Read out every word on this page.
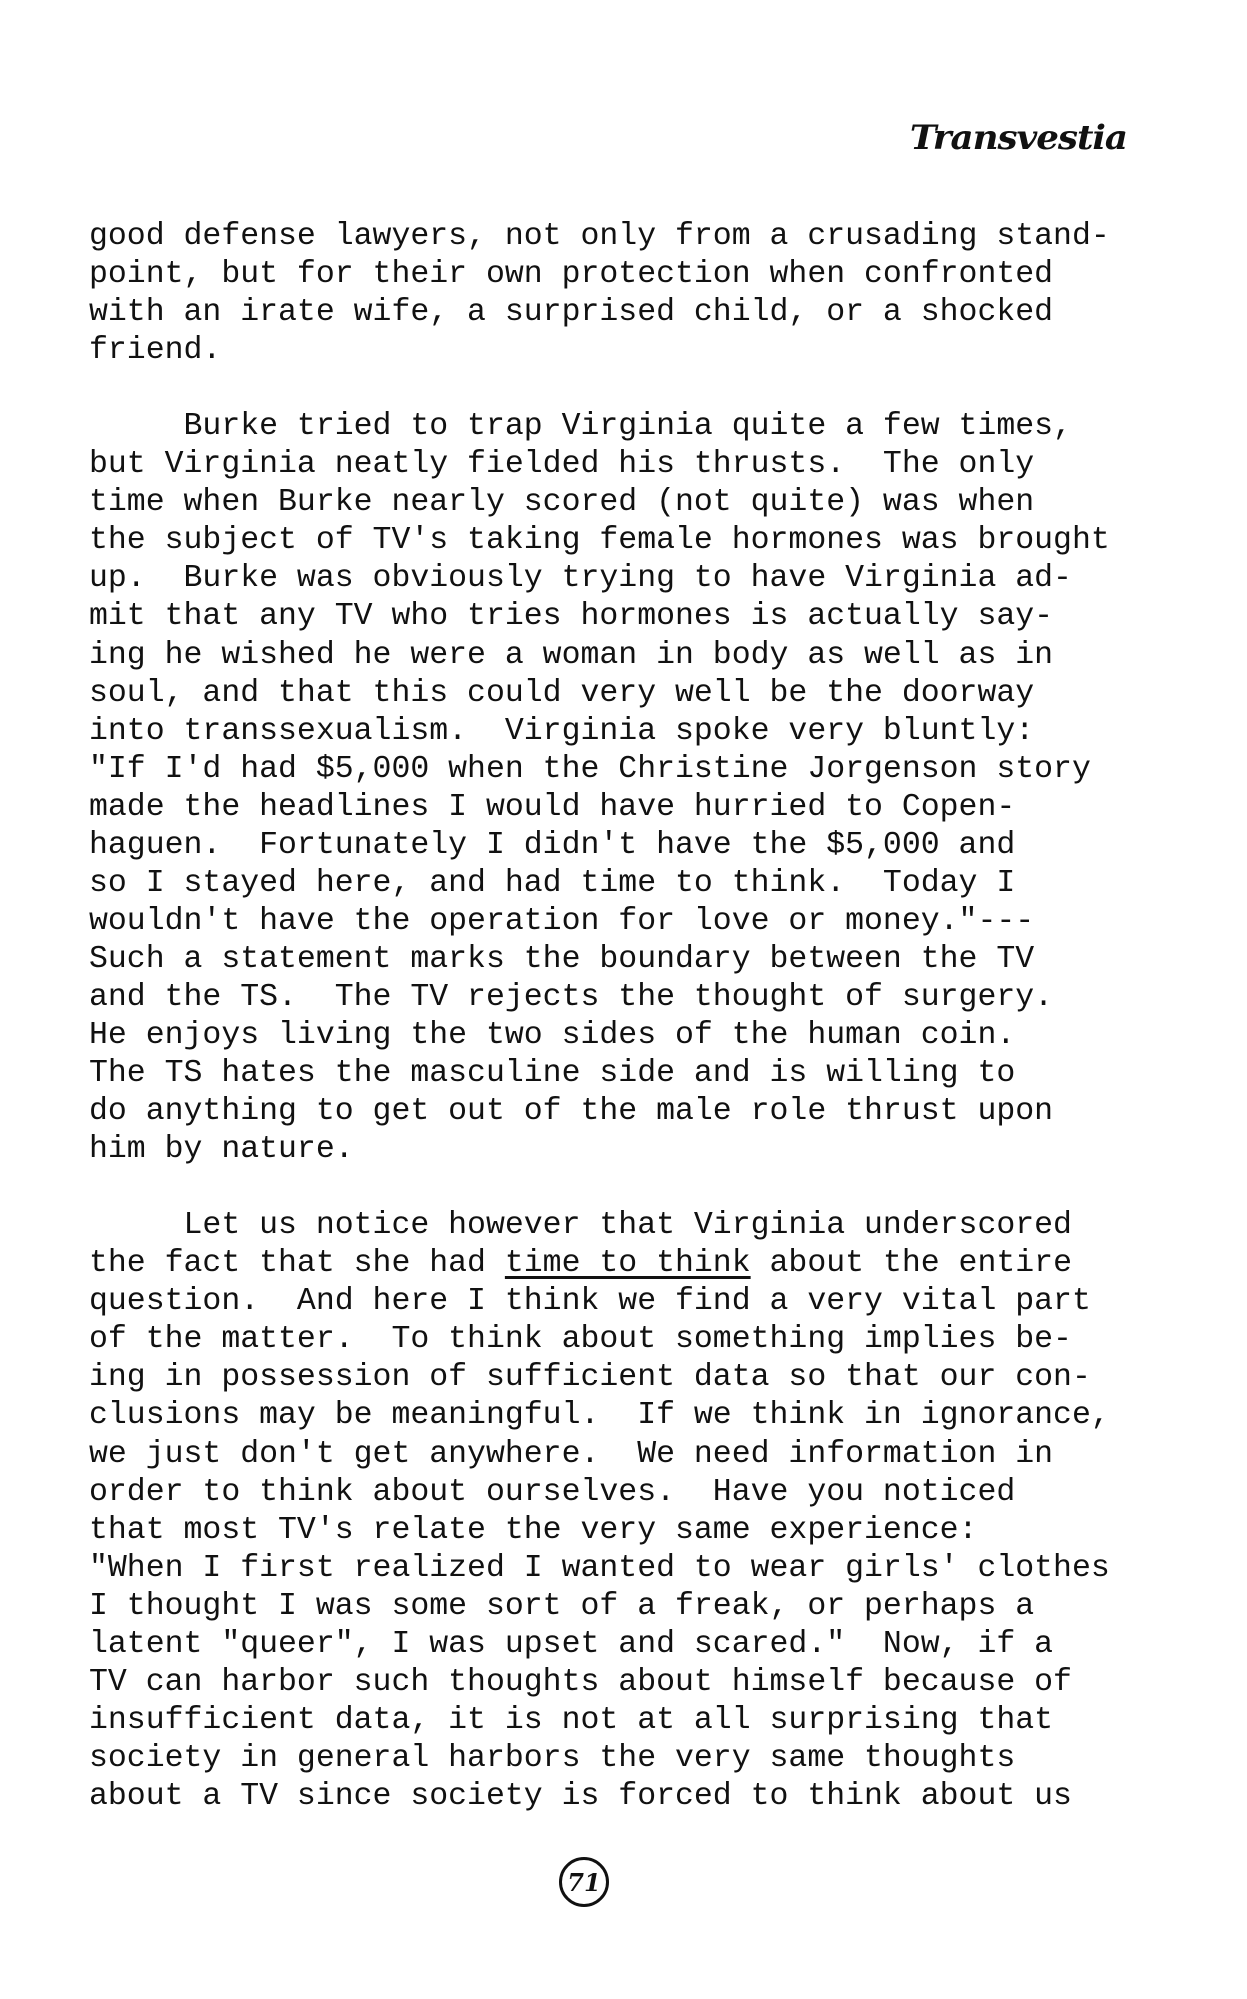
Transvestia
good defense lawyers, not only from a crusading stand-
point, but for their own protection when confronted
with an irate wife, a surprised child, or a shocked
friend.
Burke tried to trap Virginia quite a few times,
but Virginia neatly fielded his thrusts.  The only
time when Burke nearly scored (not quite) was when
the subject of TV's taking female hormones was brought
up.  Burke was obviously trying to have Virginia ad-
mit that any TV who tries hormones is actually say-
ing he wished he were a woman in body as well as in
soul, and that this could very well be the doorway
into transsexualism.  Virginia spoke very bluntly:
"If I'd had $5,000 when the Christine Jorgenson story
made the headlines I would have hurried to Copen-
haguen.  Fortunately I didn't have the $5,000 and
so I stayed here, and had time to think.  Today I
wouldn't have the operation for love or money."---
Such a statement marks the boundary between the TV
and the TS.  The TV rejects the thought of surgery.
He enjoys living the two sides of the human coin.
The TS hates the masculine side and is willing to
do anything to get out of the male role thrust upon
him by nature.
Let us notice however that Virginia underscored
the fact that she had time to think about the entire
question.  And here I think we find a very vital part
of the matter.  To think about something implies be-
ing in possession of sufficient data so that our con-
clusions may be meaningful.  If we think in ignorance,
we just don't get anywhere.  We need information in
order to think about ourselves.  Have you noticed
that most TV's relate the very same experience:
"When I first realized I wanted to wear girls' clothes
I thought I was some sort of a freak, or perhaps a
latent "queer", I was upset and scared."  Now, if a
TV can harbor such thoughts about himself because of
insufficient data, it is not at all surprising that
society in general harbors the very same thoughts
about a TV since society is forced to think about us
71
